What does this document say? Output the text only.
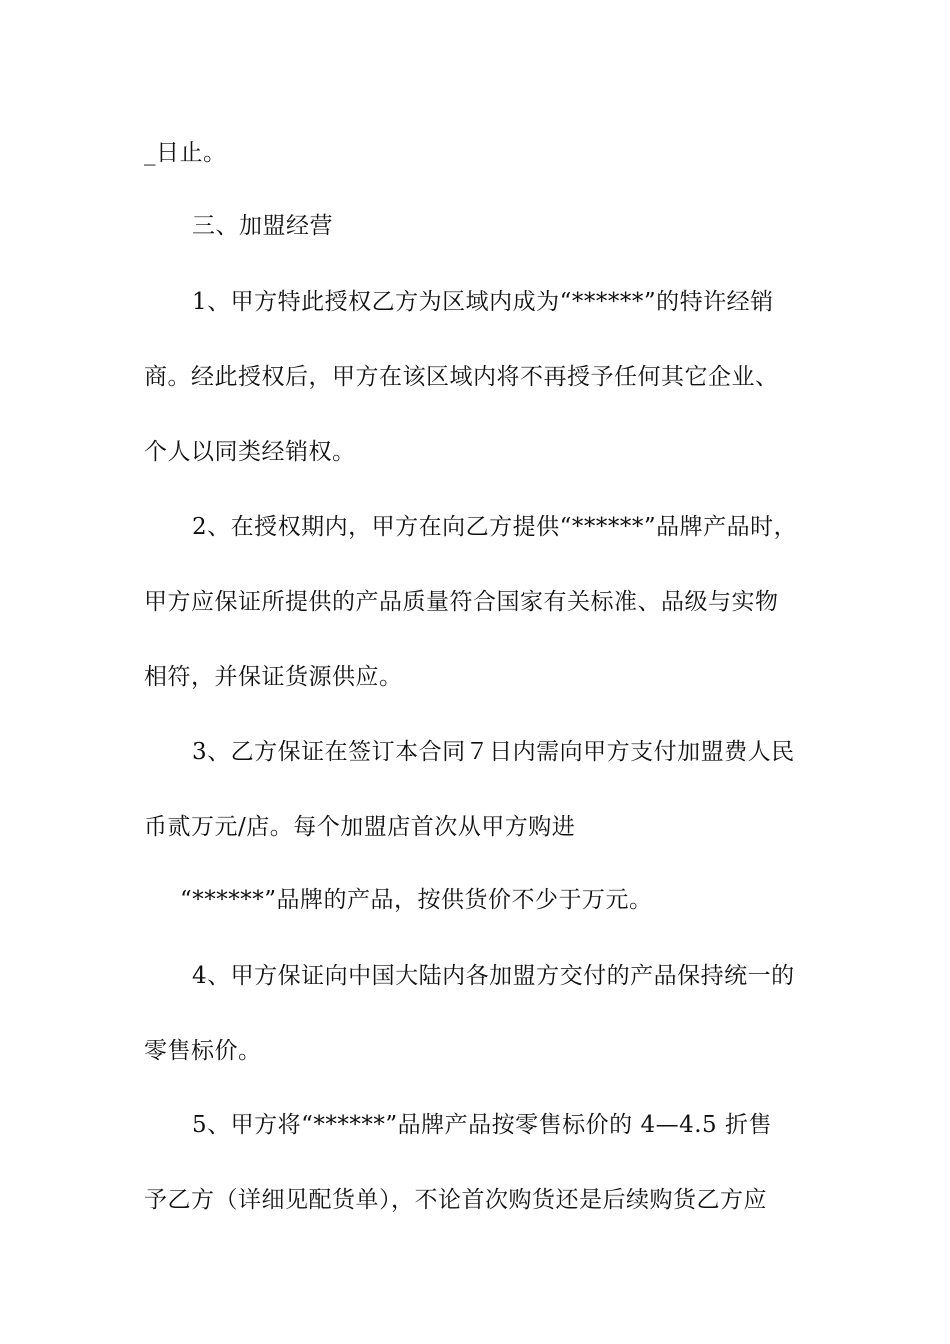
_日止。
三、加盟经营
1、甲方特此授权乙方为区域内成为“******”的特许经销
商。经此授权后，甲方在该区域内将不再授予任何其它企业、
个人以同类经销权。
2、在授权期内，甲方在向乙方提供“******”品牌产品时，
甲方应保证所提供的产品质量符合国家有关标准、品级与实物
相符，并保证货源供应。
3、乙方保证在签订本合同７日内需向甲方支付加盟费人民
币贰万元/店。每个加盟店首次从甲方购进
“******”品牌的产品，按供货价不少于万元。
4、甲方保证向中国大陆内各加盟方交付的产品保持统一的
零售标价。
5、甲方将“******”品牌产品按零售标价的 4—4.5 折售
予乙方（详细见配货单），不论首次购货还是后续购货乙方应
